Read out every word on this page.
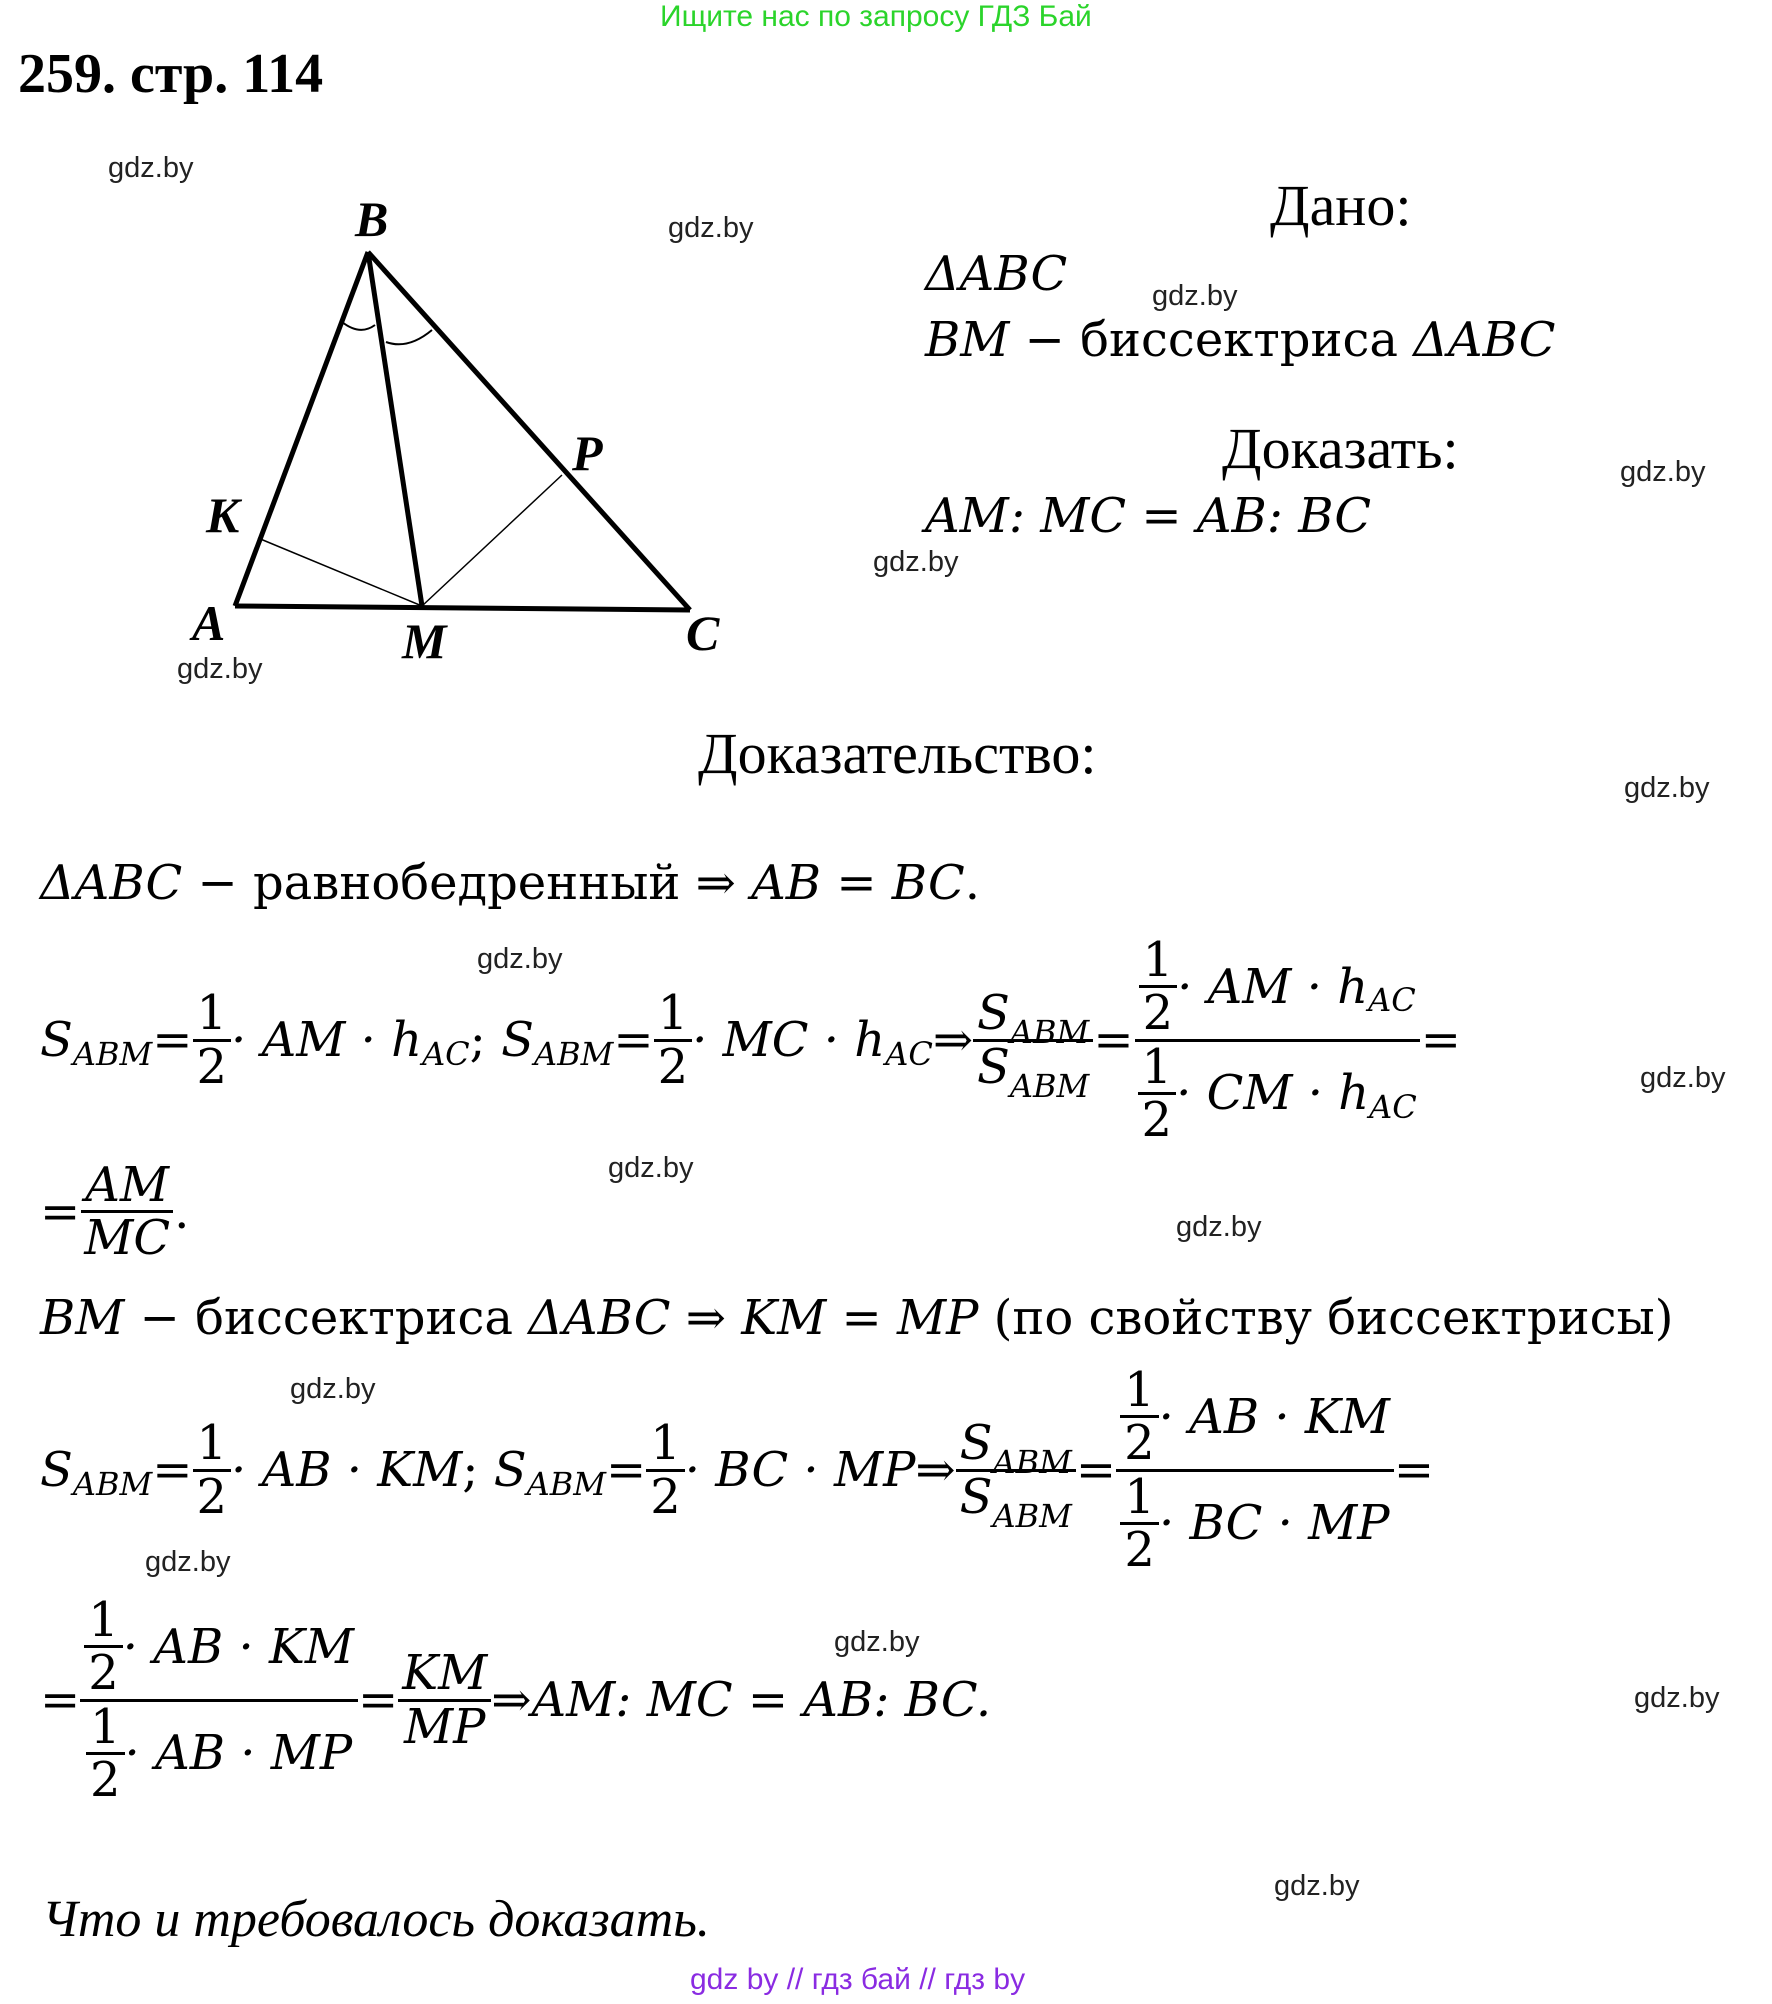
Ищите нас по запросу ГДЗ Бай
259. стр. 114
B
K
P
A	M	C
Дано:
ΔABC
BM − биссектриса ΔABC
Доказать:
AM: MC = AB: BC
Доказательство:
ΔABC − равнобедренный ⇒ AB = BC.
S ABM = $\frac{1}{2}$ · AM · h AC ;
S ABM = $\frac{1}{2}$ · MC · h AC ⇒ $\frac{S_{ABM}}{S_{ABM}} = \frac{\frac{1}{2} \cdot AM \cdot h AC}{\frac{1}{2} \cdot CM \cdot h AC}$ =
= $\frac{AM}{MC}$ .
BM − биссектриса ΔABC ⇒ KM = MP (по свойству биссектрисы)
S ABM = $\frac{1}{2}$ · AB · KM ;
S ABM = $\frac{1}{2}$ · BC · MP ⇒ $\frac{S_{ABM}}{S_{ABM}} = \frac{\frac{1}{2} \cdot AB \cdot KM}{\frac{1}{2} \cdot BC \cdot MP}$ =
= $\frac{\frac{1}{2} \cdot AB \cdot KM}{\frac{1}{2} \cdot AB \cdot MP} = \frac{KM}{MP}$ ⇒ AM: MC = AB: BC.
Что и требовалось доказать.
gdz.by
gdz.by
gdz.by
gdz.by
gdz.by
gdz.by
gdz.by
gdz.by
gdz.by
gdz.by
gdz.by
gdz.by
gdz.by
gdz.by
gdz.by
gdz.by
gdz by // гдз бай // гдз by
